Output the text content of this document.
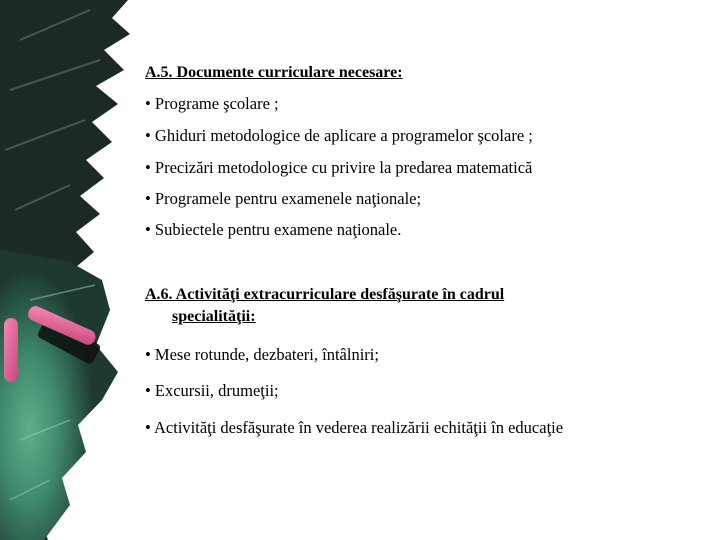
A.5. Documente curriculare necesare:

• Programe şcolare ;

• Ghiduri metodologice de aplicare a programelor şcolare ;

• Precizări metodologice cu privire la predarea matematică

• Programele pentru examenele naţionale;

• Subiectele pentru examene naţionale.

A.6. Activităţi extracurriculare desfăşurate în cadrul
specialităţii:

• Mese rotunde, dezbateri, întâlniri;

• Excursii, drumeţii;

• Activităţi desfăşurate în vederea realizării echităţii în educaţie
